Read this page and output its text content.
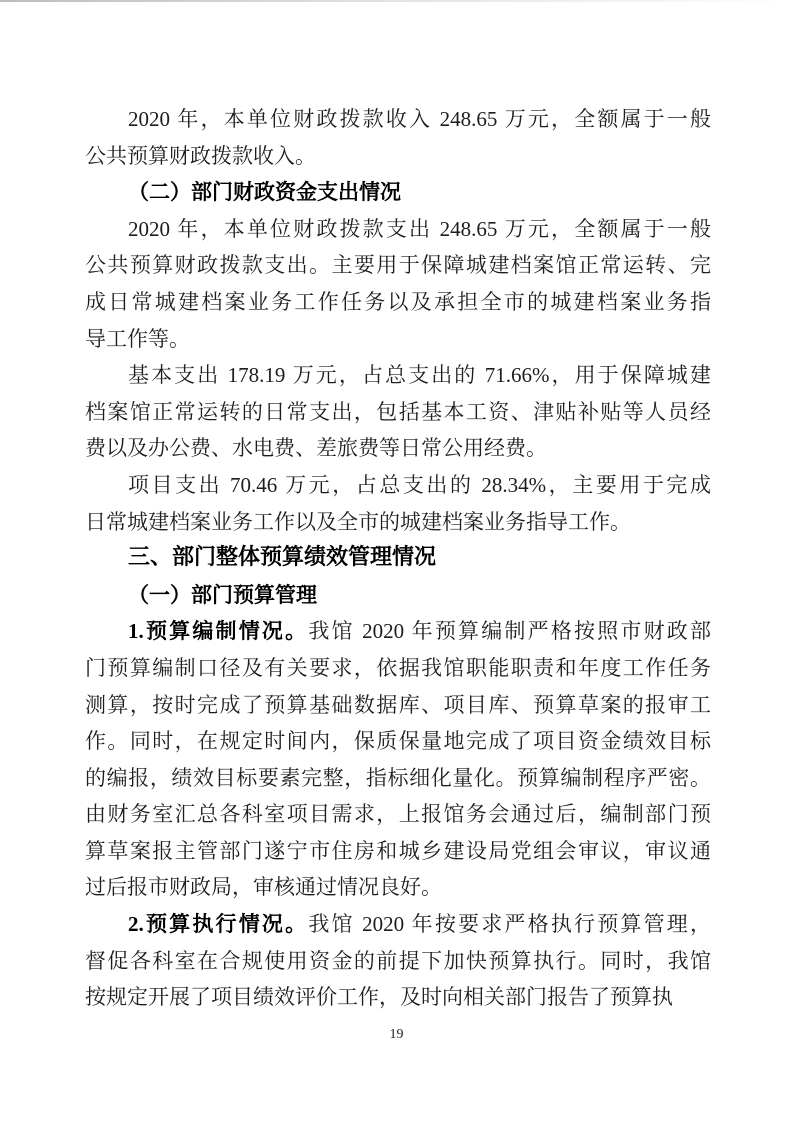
2020 年，本单位财政拨款收入 248.65 万元，全额属于一般
公共预算财政拨款收入。
（二）部门财政资金支出情况
2020 年，本单位财政拨款支出 248.65 万元，全额属于一般
公共预算财政拨款支出。主要用于保障城建档案馆正常运转、完
成日常城建档案业务工作任务以及承担全市的城建档案业务指
导工作等。
基本支出 178.19 万元，占总支出的 71.66%，用于保障城建
档案馆正常运转的日常支出，包括基本工资、津贴补贴等人员经
费以及办公费、水电费、差旅费等日常公用经费。
项目支出 70.46 万元，占总支出的 28.34%，主要用于完成
日常城建档案业务工作以及全市的城建档案业务指导工作。
三、部门整体预算绩效管理情况
（一）部门预算管理
1.预算编制情况。我馆 2020 年预算编制严格按照市财政部
门预算编制口径及有关要求，依据我馆职能职责和年度工作任务
测算，按时完成了预算基础数据库、项目库、预算草案的报审工
作。同时，在规定时间内，保质保量地完成了项目资金绩效目标
的编报，绩效目标要素完整，指标细化量化。预算编制程序严密。
由财务室汇总各科室项目需求，上报馆务会通过后，编制部门预
算草案报主管部门遂宁市住房和城乡建设局党组会审议，审议通
过后报市财政局，审核通过情况良好。
2.预算执行情况。我馆 2020 年按要求严格执行预算管理，
督促各科室在合规使用资金的前提下加快预算执行。同时，我馆
按规定开展了项目绩效评价工作，及时向相关部门报告了预算执
19
